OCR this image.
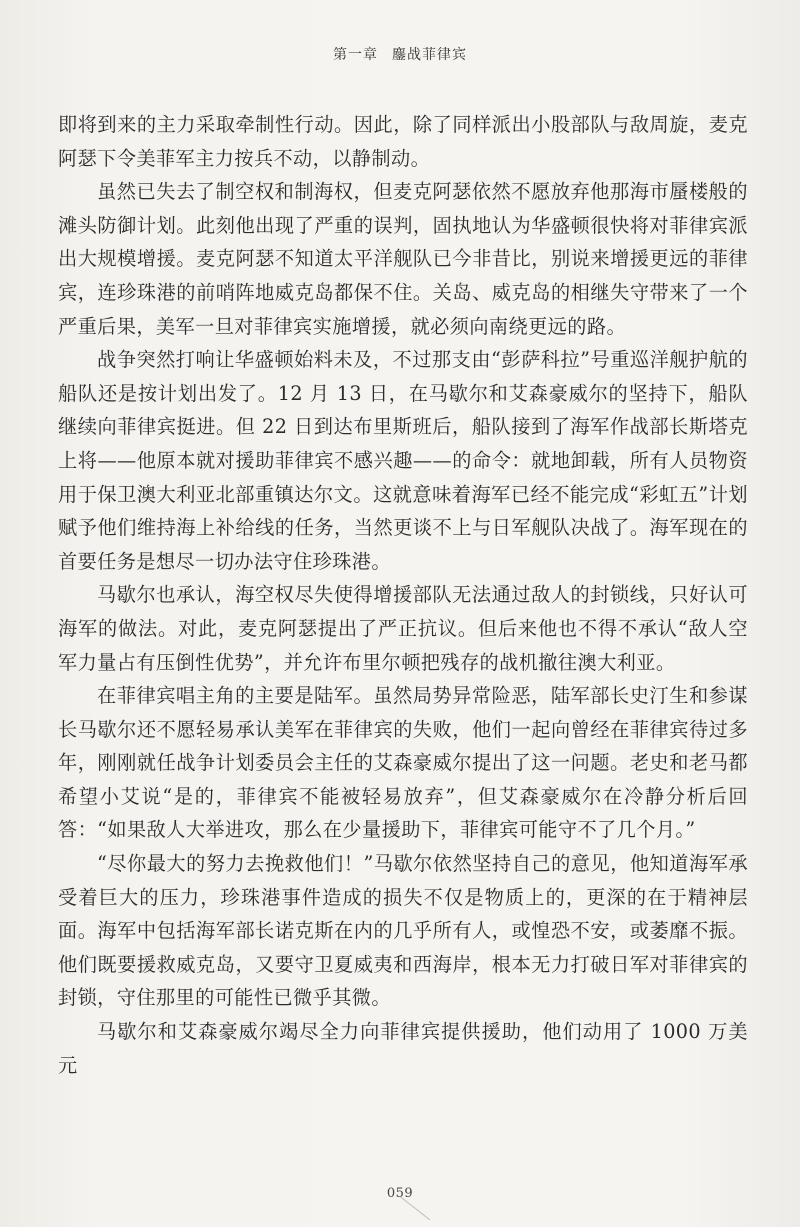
第一章 鏖战菲律宾

即将到来的主力采取牵制性行动。因此，除了同样派出小股部队与敌周旋，麦克阿瑟下令美菲军主力按兵不动，以静制动。

虽然已失去了制空权和制海权，但麦克阿瑟依然不愿放弃他那海市蜃楼般的滩头防御计划。此刻他出现了严重的误判，固执地认为华盛顿很快将对菲律宾派出大规模增援。麦克阿瑟不知道太平洋舰队已今非昔比，别说来增援更远的菲律宾，连珍珠港的前哨阵地威克岛都保不住。关岛、威克岛的相继失守带来了一个严重后果，美军一旦对菲律宾实施增援，就必须向南绕更远的路。

战争突然打响让华盛顿始料未及，不过那支由“彭萨科拉”号重巡洋舰护航的船队还是按计划出发了。12 月 13 日，在马歇尔和艾森豪威尔的坚持下，船队继续向菲律宾挺进。但 22 日到达布里斯班后，船队接到了海军作战部长斯塔克上将——他原本就对援助菲律宾不感兴趣——的命令：就地卸载，所有人员物资用于保卫澳大利亚北部重镇达尔文。这就意味着海军已经不能完成“彩虹五”计划赋予他们维持海上补给线的任务，当然更谈不上与日军舰队决战了。海军现在的首要任务是想尽一切办法守住珍珠港。

马歇尔也承认，海空权尽失使得增援部队无法通过敌人的封锁线，只好认可海军的做法。对此，麦克阿瑟提出了严正抗议。但后来他也不得不承认“敌人空军力量占有压倒性优势”，并允许布里尔顿把残存的战机撤往澳大利亚。

在菲律宾唱主角的主要是陆军。虽然局势异常险恶，陆军部长史汀生和参谋长马歇尔还不愿轻易承认美军在菲律宾的失败，他们一起向曾经在菲律宾待过多年，刚刚就任战争计划委员会主任的艾森豪威尔提出了这一问题。老史和老马都希望小艾说“是的，菲律宾不能被轻易放弃”，但艾森豪威尔在冷静分析后回答：“如果敌人大举进攻，那么在少量援助下，菲律宾可能守不了几个月。”

“尽你最大的努力去挽救他们！”马歇尔依然坚持自己的意见，他知道海军承受着巨大的压力，珍珠港事件造成的损失不仅是物质上的，更深的在于精神层面。海军中包括海军部长诺克斯在内的几乎所有人，或惶恐不安，或萎靡不振。他们既要援救威克岛，又要守卫夏威夷和西海岸，根本无力打破日军对菲律宾的封锁，守住那里的可能性已微乎其微。

马歇尔和艾森豪威尔竭尽全力向菲律宾提供援助，他们动用了 1000 万美元

059
